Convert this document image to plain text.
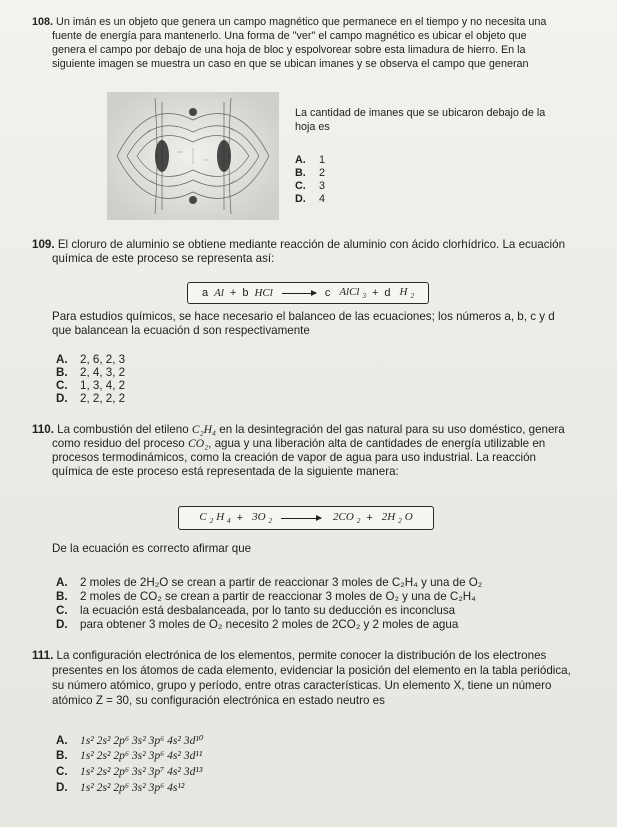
108. Un imán es un objeto que genera un campo magnético que permanece en el tiempo y no necesita una
fuente de energía para mantenerlo. Una forma de "ver" el campo magnético es ubicar el objeto que
genera el campo por debajo de una hoja de bloc y espolvorear sobre esta limadura de hierro. En la
siguiente imagen se muestra un caso en que se ubican imanes y se observa el campo que generan
La cantidad de imanes que se ubicaron debajo de la
hoja es
A. 1
B. 2
C. 3
D. 4
109. El cloruro de aluminio se obtiene mediante reacción de aluminio con ácido clorhídrico. La ecuación
química de este proceso se representa así:
a Al + b HCl → c AlCl $_3$ + d H $_2$
Para estudios químicos, se hace necesario el balanceo de las ecuaciones; los números a, b, c y d
que balancean la ecuación d son respectivamente
A. 2, 6, 2, 3
B. 2, 4, 3, 2
C. 1, 3, 4, 2
D. 2, 2, 2, 2
110. La combustión del etileno C₂H₄ en la desintegración del gas natural para su uso doméstico, genera
como residuo del proceso CO₂, agua y una liberación alta de cantidades de energía utilizable en
procesos termodinámicos, como la creación de vapor de agua para uso industrial. La reacción
química de este proceso está representada de la siguiente manera:
C $_2$ H $_4$ + 3O $_2$ → 2CO $_2$ + 2H $_2$ O
De la ecuación es correcto afirmar que
A. 2 moles de 2H₂O se crean a partir de reaccionar 3 moles de C₂H₄ y una de O₂
B. 2 moles de CO₂ se crean a partir de reaccionar 3 moles de O₂ y una de C₂H₄
C. la ecuación está desbalanceada, por lo tanto su deducción es inconclusa
D. para obtener 3 moles de O₂ necesito 2 moles de 2CO₂ y 2 moles de agua
111. La configuración electrónica de los elementos, permite conocer la distribución de los electrones
presentes en los átomos de cada elemento, evidenciar la posición del elemento en la tabla periódica,
su número atómico, grupo y período, entre otras características. Un elemento X, tiene un número
atómico Z = 30, su configuración electrónica en estado neutro es
A. 1s² 2s² 2p⁶ 3s² 3p⁶ 4s² 3d¹⁰
B. 1s² 2s² 2p⁶ 3s² 3p⁶ 4s² 3d¹¹
C. 1s² 2s² 2p⁶ 3s² 3p⁷ 4s² 3d¹³
D. 1s² 2s² 2p⁶ 3s² 3p⁶ 4s¹²
